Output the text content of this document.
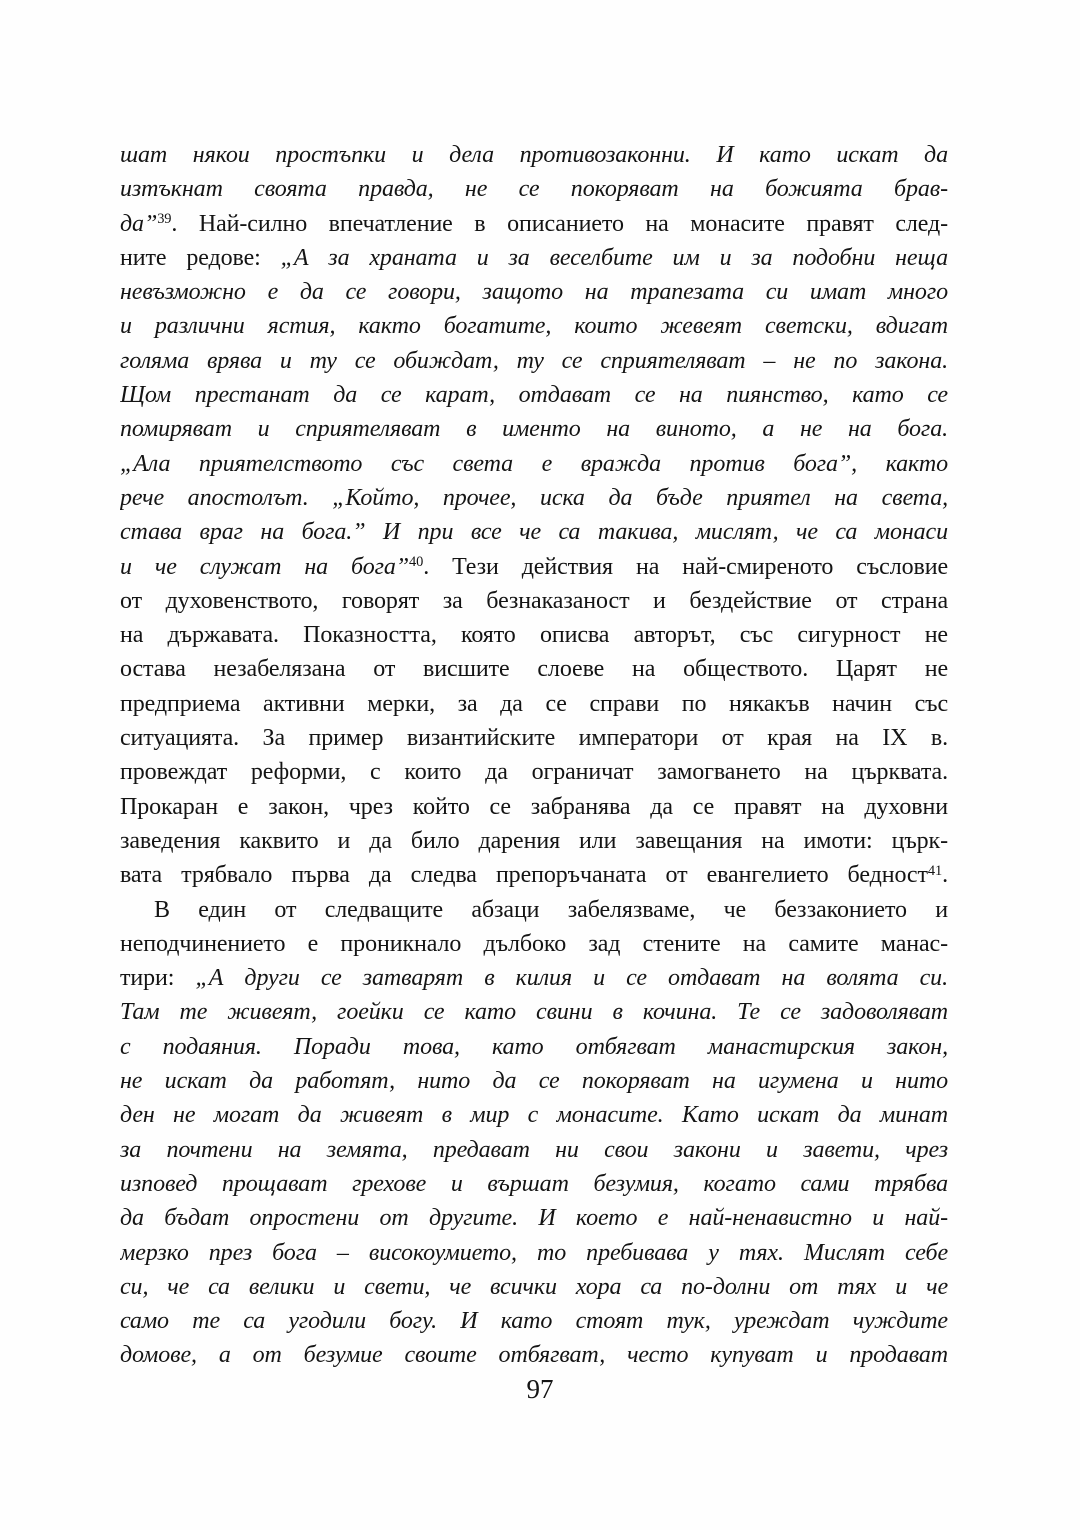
шат някои простъпки и дела противозаконни. И като искат да
изтъкнат своята правда, не се покоряват на божията брав-
да”$^{39}$. Най-силно впечатление в описанието на монасите правят след-
ните редове: „А за храната и за веселбите им и за подобни неща
невъзможно е да се говори, защото на трапезата си имат много
и различни ястия, както богатите, които жевеят светски, вдигат
голяма врява и ту се обиждат, ту се сприятеляват – не по закона.
Щом престанат да се карат, отдават се на пиянство, като се
помиряват и сприятеляват в именто на виното, а не на бога.
„Ала приятелството със света е вражда против бога”, както
рече апостолът. „Който, прочее, иска да бъде приятел на света,
става враг на бога.” И при все че са такива, мислят, че са монаси
и че служат на бога”$^{40}$. Тези действия на най-смиреното съсловие
от духовенството, говорят за безнаказаност и бездействие от страна
на държавата. Показността, която описва авторът, със сигурност не
остава незабелязана от висшите слоеве на обществото. Царят не
предприема активни мерки, за да се справи по някакъв начин със
ситуацията. За пример византийските императори от края на IX в.
провеждат реформи, с които да ограничат замогването на църквата.
Прокаран е закон, чрез който се забранява да се правят на духовни
заведения каквито и да било дарения или завещания на имоти: църк-
вата трябвало първа да следва препоръчаната от евангелието бедност$^{41}$.
В един от следващите абзаци забелязваме, че беззаконието и
неподчинението е проникнало дълбоко зад стените на самите манас-
тири: „А други се затварят в килия и се отдават на волята си.
Там те живеят, гоейки се като свини в кочина. Те се задоволяват
с подаяния. Поради това, като отбягват манастирския закон,
не искат да работят, нито да се покоряват на игумена и нито
ден не могат да живеят в мир с монасите. Като искат да минат
за почтени на земята, предават ни свои закони и завети, чрез
изповед прощават грехове и вършат безумия, когато сами трябва
да бъдат опростени от другите. И което е най-ненавистно и най-
мерзко през бога – високоумието, то пребивава у тях. Мислят себе
си, че са велики и свети, че всички хора са по-долни от тях и че
само те са угодили богу. И като стоят тук, уреждат чуждите
домове, а от безумие своите отбягват, често купуват и продават
97
